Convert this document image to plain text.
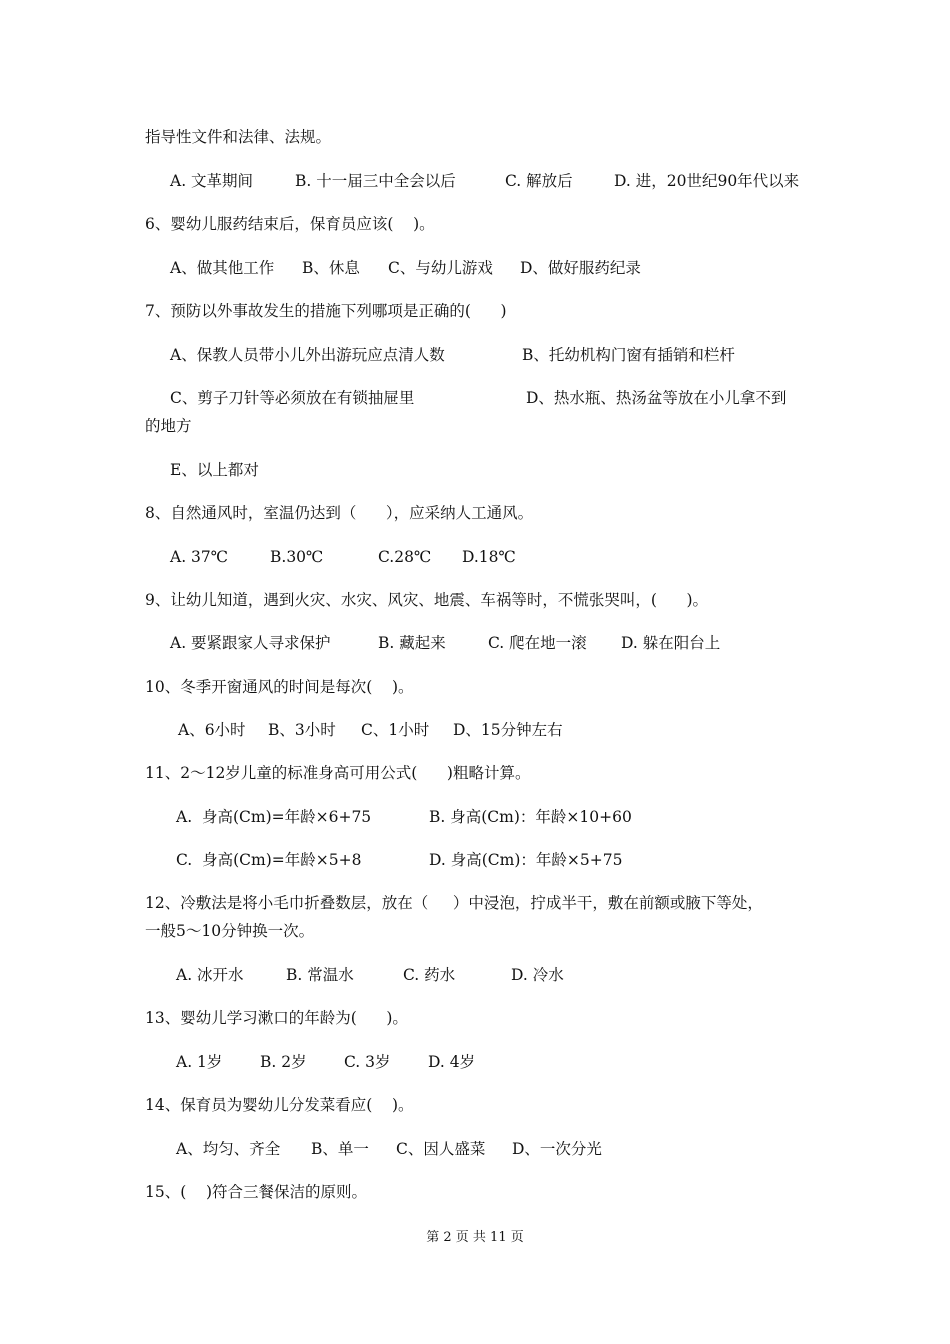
指导性文件和法律、法规。
A. 文革期间	B. 十一届三中全会以后	C. 解放后	D. 进，20世纪90年代以来
6、婴幼儿服药结束后，保育员应该(    )。
A、做其他工作 B、休息 C、与幼儿游戏 D、做好服药纪录
7、预防以外事故发生的措施下列哪项是正确的(      )
A、保教人员带小儿外出游玩应点清人数	B、托幼机构门窗有插销和栏杆
C、剪子刀针等必须放在有锁抽屉里	D、热水瓶、热汤盆等放在小儿拿不到
的地方
E、以上都对
8、自然通风时，室温仍达到（      ），应采纳人工通风。
A. 37℃	B.30℃	C.28℃ D.18℃
9、让幼儿知道，遇到火灾、水灾、风灾、地震、车祸等时，不慌张哭叫，(      )。
A. 要紧跟家人寻求保护	B. 藏起来	C. 爬在地一滚 D. 躲在阳台上
10、冬季开窗通风的时间是每次(    )。
A、6小时 B、3小时 C、1小时 D、15分钟左右
11、2～12岁儿童的标准身高可用公式(      )粗略计算。
A.  身高(Cm)=年龄×6+75	B. 身高(Cm)：年龄×10+60
C.  身高(Cm)=年龄×5+8	D. 身高(Cm)：年龄×5+75
12、冷敷法是将小毛巾折叠数层，放在（     ）中浸泡，拧成半干，敷在前额或腋下等处，
一般5～10分钟换一次。
A. 冰开水	B. 常温水	C. 药水	D. 冷水
13、婴幼儿学习漱口的年龄为(      )。
A. 1岁 B. 2岁 C. 3岁 D. 4岁
14、保育员为婴幼儿分发菜看应(    )。
A、均匀、齐全 B、单一 C、因人盛菜 D、一次分光
15、(    )符合三餐保洁的原则。
第 2 页 共 11 页
